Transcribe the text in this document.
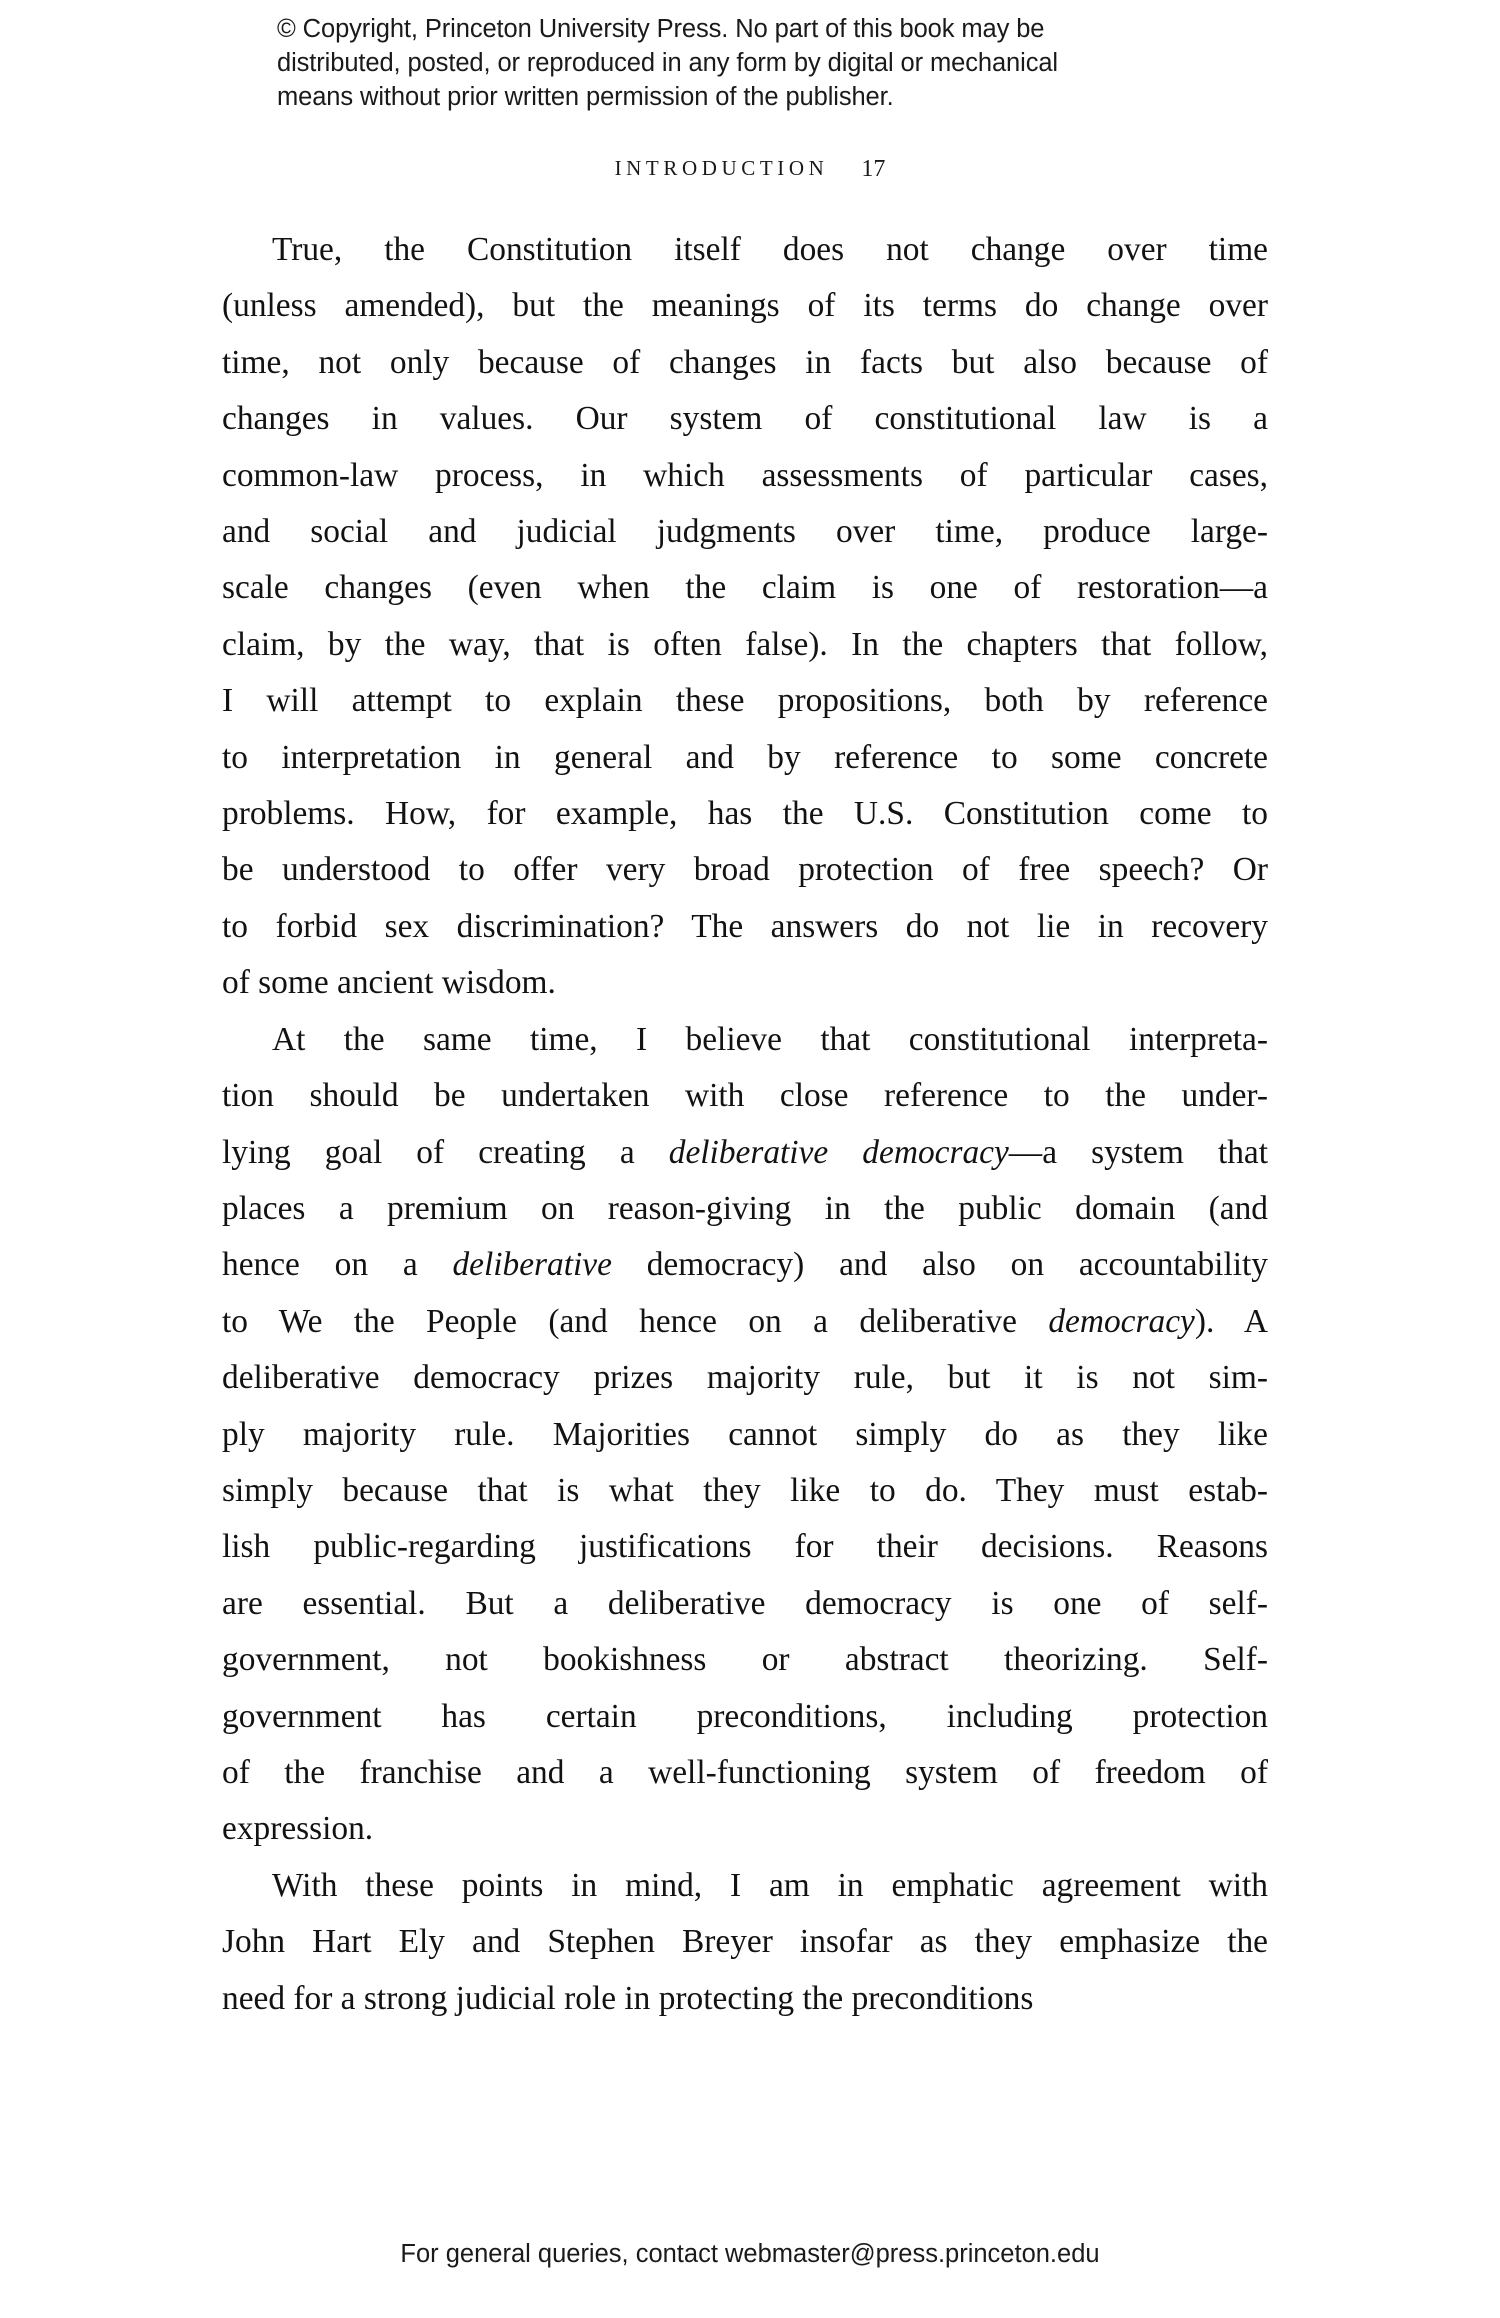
© Copyright, Princeton University Press. No part of this book may be
distributed, posted, or reproduced in any form by digital or mechanical
means without prior written permission of the publisher.
INTRODUCTION 17
True, the Constitution itself does not change over time
(unless amended), but the meanings of its terms do change over
time, not only because of changes in facts but also because of
changes in values. Our system of constitutional law is a
common-law process, in which assessments of particular cases,
and social and judicial judgments over time, produce large-
scale changes (even when the claim is one of restoration—a
claim, by the way, that is often false). In the chapters that follow,
I will attempt to explain these propositions, both by reference
to interpretation in general and by reference to some concrete
problems. How, for example, has the U.S. Constitution come to
be understood to offer very broad protection of free speech? Or
to forbid sex discrimination? The answers do not lie in recovery
of some ancient wisdom.
At the same time, I believe that constitutional interpreta-
tion should be undertaken with close reference to the under-
lying goal of creating a deliberative democracy—a system that
places a premium on reason-giving in the public domain (and
hence on a deliberative democracy) and also on accountability
to We the People (and hence on a deliberative democracy). A
deliberative democracy prizes majority rule, but it is not sim-
ply majority rule. Majorities cannot simply do as they like
simply because that is what they like to do. They must estab-
lish public-regarding justifications for their decisions. Reasons
are essential. But a deliberative democracy is one of self-
government, not bookishness or abstract theorizing. Self-
government has certain preconditions, including protection
of the franchise and a well-functioning system of freedom of
expression.
With these points in mind, I am in emphatic agreement with
John Hart Ely and Stephen Breyer insofar as they emphasize the
need for a strong judicial role in protecting the preconditions
For general queries, contact webmaster@press.princeton.edu
